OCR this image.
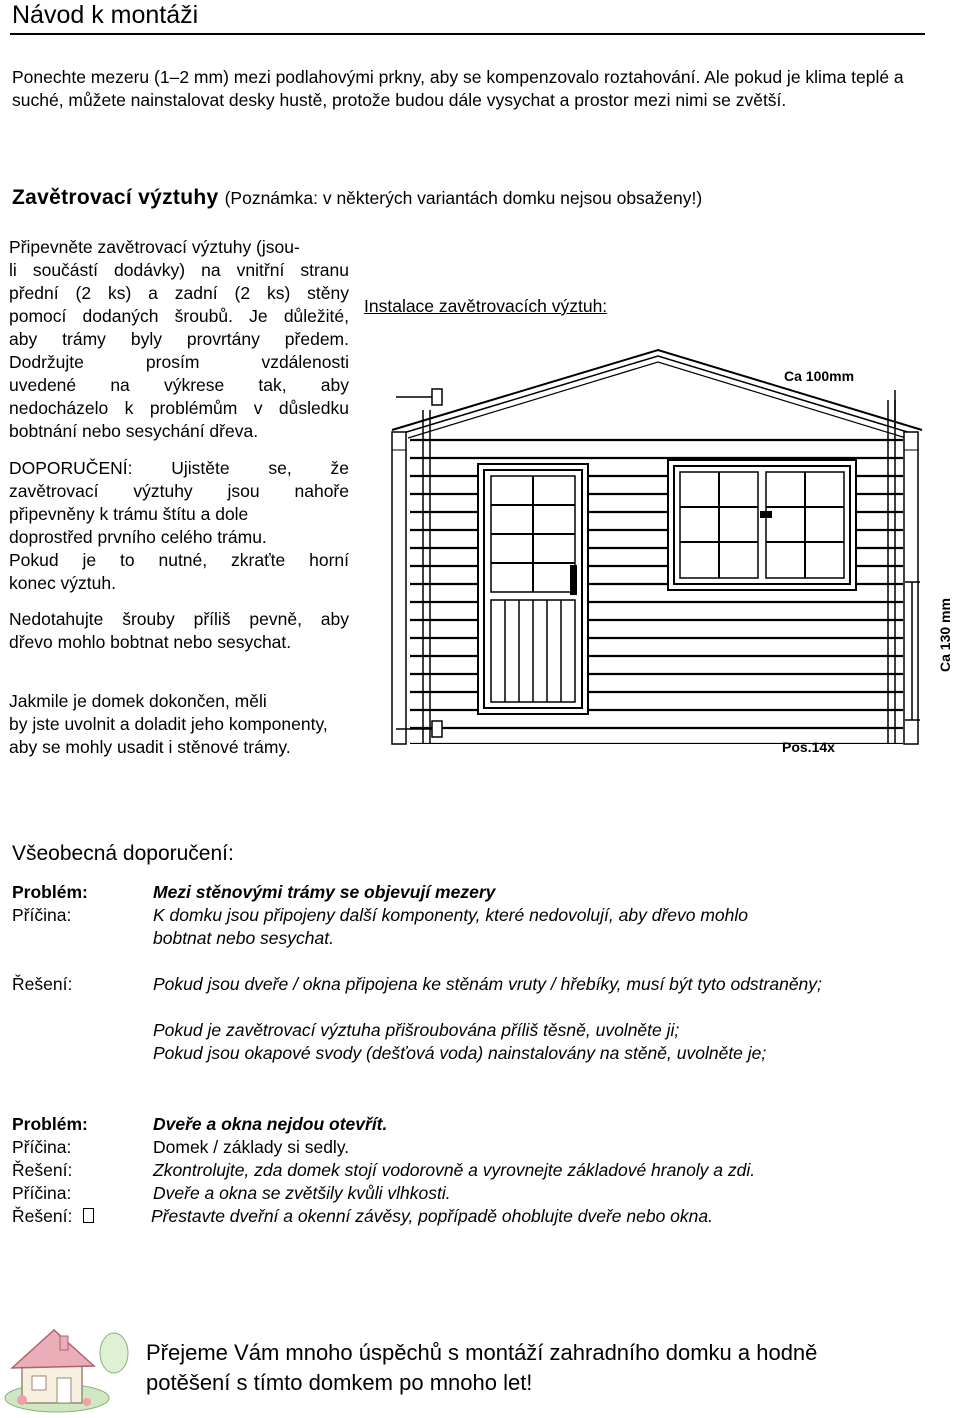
Návod k montáži
Ponechte mezeru (1–2 mm) mezi podlahovými prkny, aby se kompenzovalo roztahování. Ale pokud je klima teplé a suché, můžete nainstalovat desky hustě, protože budou dále vysychat a prostor mezi nimi se zvětší.
Zavětrovací výztuhy (Poznámka: v některých variantách domku nejsou obsaženy!)
Připevněte zavětrovací výztuhy (jsou-
li součástí dodávky) na vnitřní stranu
přední (2 ks) a zadní (2 ks) stěny
pomocí dodaných šroubů. Je důležité,
aby trámy byly provrtány předem.
Dodržujte prosím vzdálenosti
uvedené na výkrese tak, aby
nedocházelo k problémům v důsledku
bobtnání nebo sesychání dřeva.
DOPORUČENÍ: Ujistěte se, že
zavětrovací výztuhy jsou nahoře
připevněny k trámu štítu a dole
doprostřed prvního celého trámu.
Pokud je to nutné, zkraťte horní
konec výztuh.
Nedotahujte šrouby příliš pevně, aby
dřevo mohlo bobtnat nebo sesychat.
Jakmile je domek dokončen, měli
by jste uvolnit a doladit jeho komponenty,
aby se mohly usadit i stěnové trámy.
Instalace zavětrovacích výztuh:
Ca 100mm
Ca 130 mm
Pos.14x
Všeobecná doporučení:
Problém:	Mezi stěnovými trámy se objevují mezery
Příčina:	K domku jsou připojeny další komponenty, které nedovolují, aby dřevo mohlo
bobtnat nebo sesychat.
Řešení:	Pokud jsou dveře / okna připojena ke stěnám vruty / hřebíky, musí být tyto odstraněny;
Pokud je zavětrovací výztuha přišroubována příliš těsně, uvolněte ji;
Pokud jsou okapové svody (dešťová voda) nainstalovány na stěně, uvolněte je;
Problém:	Dveře a okna nejdou otevřít.
Příčina:	Domek / základy si sedly.
Řešení:	Zkontrolujte, zda domek stojí vodorovně a vyrovnejte základové hranoly a zdi.
Příčina:	Dveře a okna se zvětšily kvůli vlhkosti.
Řešení:	Přestavte dveřní a okenní závěsy, popřípadě ohoblujte dveře nebo okna.
Přejeme Vám mnoho úspěchů s montáží zahradního domku a hodně
potěšení s tímto domkem po mnoho let!
